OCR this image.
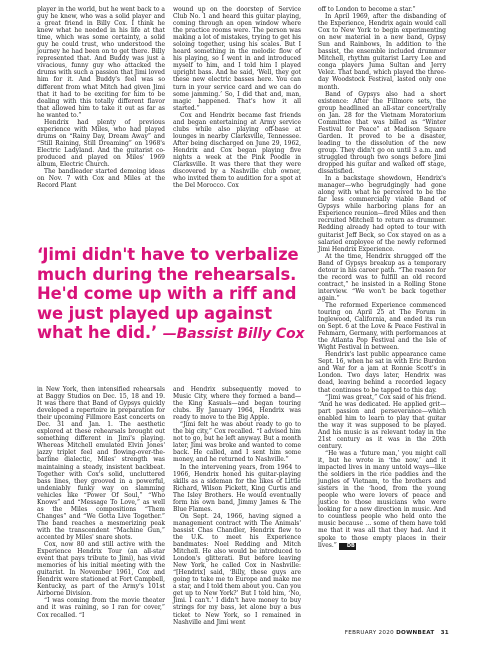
player in the world, but he went back to a guy he knew, who was a solid player and a great friend in Billy Cox. I think he knew what he needed in his life at that time, which was some certainty, a solid guy he could trust, who understood the journey he had been on to get there. Billy represented that. And Buddy was just a vivacious, funny guy who attacked the drums with such a passion that Jimi loved him for it. And Buddy's feel was so different from what Mitch had given Jimi that it had to be exciting for him to be dealing with this totally different flavor that allowed him to take it out as far as he wanted to.”

Hendrix had plenty of previous experience with Miles, who had played drums on “Rainy Day, Dream Away” and “Still Raining, Still Dreaming” on 1968's Electric Ladyland. And the guitarist co-produced and played on Miles' 1969 album, Electric Church.

The bandleader started demoing ideas on Nov. 7 with Cox and Miles at the Record Plant

wound up on the doorstep of Service Club No. 1 and heard this guitar playing, coming through an open window where the practice rooms were. The person was making a lot of mistakes, trying to get his soloing together, using his scales. But I heard something in the melodic flow of his playing, so I went in and introduced myself to him, and I told him I played upright bass. And he said, ‘Well, they got these new electric basses here. You can turn in your service card and we can do some jamming.’ So, I did that and, man, magic happened. That's how it all started.”

Cox and Hendrix became fast friends and began entertaining at Army service clubs while also playing off-base at lounges in nearby Clarksville, Tennessee. After being discharged on June 29, 1962, Hendrix and Cox began playing five nights a week at the Pink Poodle in Clarksville. It was there that they were discovered by a Nashville club owner, who invited them to audition for a spot at the Del Morocco. Cox

‘Jimi didn't have to verbalize much during the rehearsals. He'd come up with a riff and we just played up against what he did.’ —Bassist Billy Cox

in New York, then intensified rehearsals at Baggy Studios on Dec. 15, 18 and 19. It was there that Band of Gypsys quickly developed a repertoire in preparation for their upcoming Fillmore East concerts on Dec. 31 and Jan. 1. The aesthetic explored at these rehearsals brought out something different in Jimi's playing. Whereas Mitchell emulated Elvin Jones' jazzy triplet feel and flowing-over-the-barline dialectic, Miles' strength was maintaining a steady, insistent backbeat. Together with Cox's solid, uncluttered bass lines, they grooved in a powerful, undeniably funky way on slamming vehicles like “Power Of Soul,” “Who Knows” and “Message To Love,” as well as the Miles compositions “Them Changes” and “We Gotta Live Together.” The band reaches a mesmerizing peak with the transcendent “Machine Gun,” accented by Miles' snare shots.

Cox, now 80 and still active with the Experience Hendrix Tour (an all-star event that pays tribute to Jimi), has vivid memories of his initial meeting with the guitarist. In November 1961, Cox and Hendrix were stationed at Fort Campbell, Kentucky, as part of the Army's 101st Airborne Division.

“I was coming from the movie theater and it was raining, so I ran for cover,” Cox recalled. “I

and Hendrix subsequently moved to Music City, where they formed a band—the King Kasuals—and began touring clubs. By January 1964, Hendrix was ready to move to the Big Apple.

“Jimi felt he was about ready to go to the big city,” Cox recalled. “I advised him not to go, but he left anyway. But a month later, Jimi was broke and wanted to come back. He called, and I sent him some money, and he returned to Nashville.”

In the intervening years, from 1964 to 1966, Hendrix honed his guitar-playing skills as a sideman for the likes of Little Richard, Wilson Pickett, King Curtis and The Isley Brothers. He would eventually form his own band, Jimmy James & The Blue Flames.

On Sept. 24, 1966, having signed a management contract with The Animals' bassist Chas Chandler, Hendrix flew to the U.K. to meet his Experience bandmates: Noel Redding and Mitch Mitchell. He also would be introduced to London's glitterati. But before leaving New York, he called Cox in Nashville: “[Hendrix] said, ‘Billy, these guys are going to take me to Europe and make me a star, and I told them about you. Can you get up to New York?’ But I told him, ‘No, Jimi. I can't.’ I didn't have money to buy strings for my bass, let alone buy a bus ticket to New York, so I remained in Nashville and Jimi went

off to London to become a star.”

In April 1969, after the disbanding of the Experience, Hendrix again would call Cox to New York to begin experimenting on new material in a new band, Gypsy Sun and Rainbows, In addition to the bassist, the ensemble included drummer Mitchell, rhythm guitarist Larry Lee and conga players Juma Sultan and Jerry Velez. That band, which played the three-day Woodstock Festival, lasted only one month.

Band of Gypsys also had a short existence: After the Fillmore sets, the group headlined an all-star concert/rally on Jan. 28 for the Vietnam Moratorium Committee that was billed as “Winter Festival for Peace” at Madison Square Garden. It proved to be a disaster, leading to the dissolution of the new group. They didn't go on until 3 a.m. and struggled through two songs before Jimi dropped his guitar and walked off stage, dissatisfied.

In a backstage showdown, Hendrix's manager—who begrudgingly had gone along with what he perceived to be the far less commercially viable Band of Gypsys while harboring plans for an Experience reunion—fired Miles and then recruited Mitchell to return as drummer. Redding already had opted to tour with guitarist Jeff Beck, so Cox stayed on as a salaried employee of the newly reformed Jimi Hendrix Experience.

At the time, Hendrix shrugged off the Band of Gypsys breakup as a temporary detour in his career path. “The reason for the record was to fulfill an old record contract,” he insisted in a Rolling Stone interview. “We won't be back together again.”

The reformed Experience commenced touring on April 25 at The Forum in Inglewood, California, and ended its run on Sept. 6 at the Love & Peace Festival in Fehmarn, Germany, with performances at the Atlanta Pop Festival and the Isle of Wight Festival in between.

Hendrix's last public appearance came Sept. 16, when he sat in with Eric Burdon and War for a jam at Ronnie Scott's in London. Two days later, Hendrix was dead, leaving behind a recorded legacy that continues to be tapped to this day.

“Jimi was great,” Cox said of his friend. “And he was dedicated. He applied grit—part passion and perseverance—which enabled him to learn to play that guitar the way it was supposed to be played. And his music is as relevant today in the 21st century as it was in the 20th century.

“He was a ‘future man,’ you might call it, but he wrote in ‘the now,’ and it impacted lives in many untold ways—like the soldiers in the rice paddies and the jungles of Vietnam, to the brothers and sisters in the ‘hood, from the young people who were lovers of peace and justice to those musicians who were looking for a new direction in music. And to countless people who held onto the music because … some of them have told me that it was all that they had. And it spoke to those empty places in their lives.” DB

FEBRUARY 2020 DOWNBEAT 31
